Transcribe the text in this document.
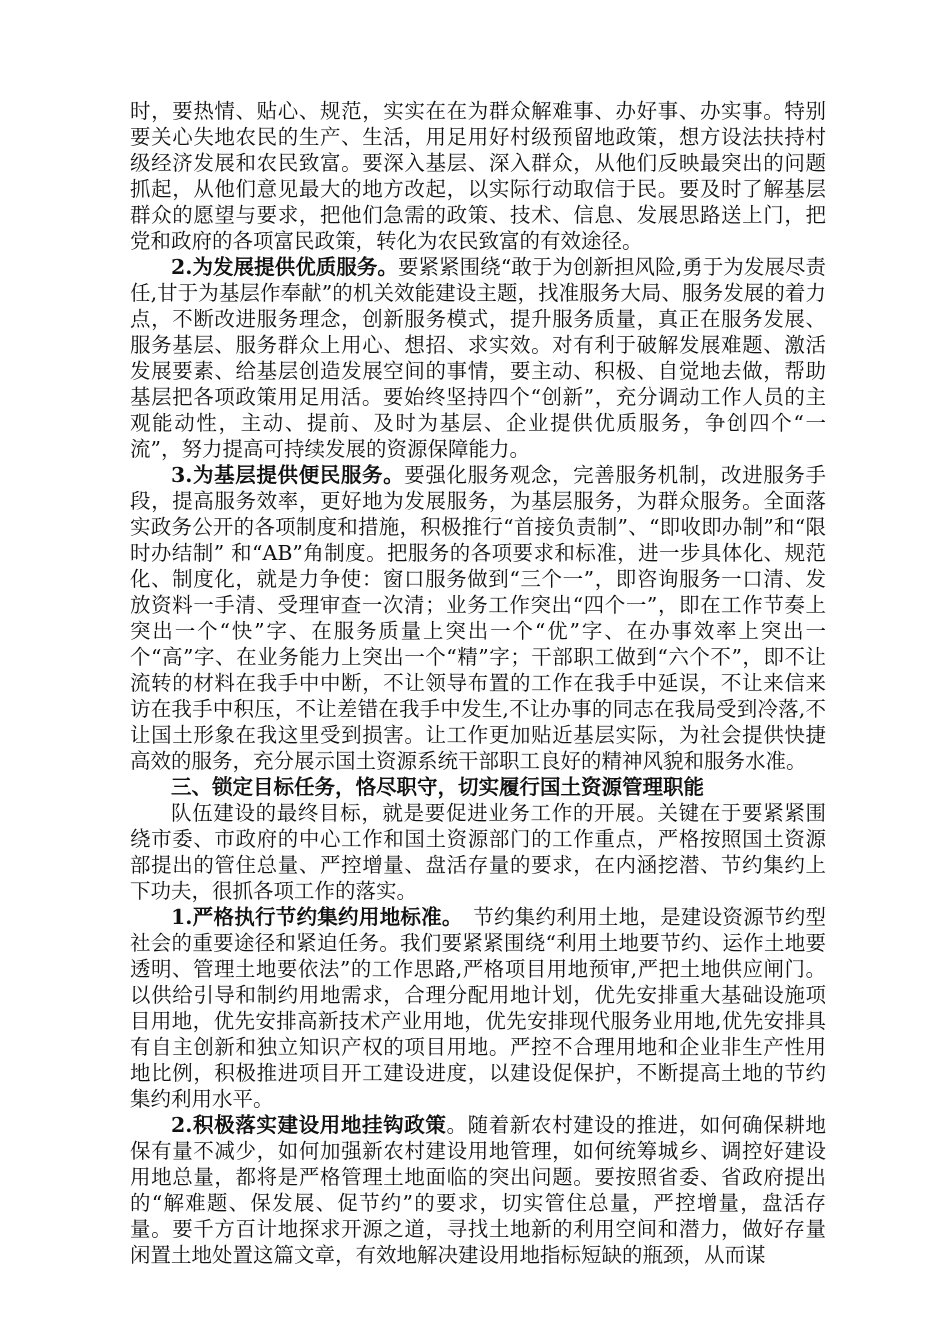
时，要热情、贴心、规范，实实在在为群众解难事、办好事、办实事。特别要关心失地农民的生产、生活，用足用好村级预留地政策，想方设法扶持村级经济发展和农民致富。要深入基层、深入群众，从他们反映最突出的问题抓起，从他们意见最大的地方改起，以实际行动取信于民。要及时了解基层群众的愿望与要求，把他们急需的政策、技术、信息、发展思路送上门，把党和政府的各项富民政策，转化为农民致富的有效途径。

2.为发展提供优质服务。要紧紧围绕“敢于为创新担风险,勇于为发展尽责任,甘于为基层作奉献”的机关效能建设主题，找准服务大局、服务发展的着力点，不断改进服务理念，创新服务模式，提升服务质量，真正在服务发展、服务基层、服务群众上用心、想招、求实效。对有利于破解发展难题、激活发展要素、给基层创造发展空间的事情，要主动、积极、自觉地去做，帮助基层把各项政策用足用活。要始终坚持四个“创新”，充分调动工作人员的主观能动性，主动、提前、及时为基层、企业提供优质服务，争创四个“一流”，努力提高可持续发展的资源保障能力。

3.为基层提供便民服务。要强化服务观念，完善服务机制，改进服务手段，提高服务效率，更好地为发展服务，为基层服务，为群众服务。全面落实政务公开的各项制度和措施，积极推行“首接负责制”、“即收即办制”和“限时办结制” 和“AB”角制度。把服务的各项要求和标准，进一步具体化、规范化、制度化，就是力争使：窗口服务做到“三个一”，即咨询服务一口清、发放资料一手清、受理审查一次清；业务工作突出“四个一”，即在工作节奏上突出一个“快”字、在服务质量上突出一个“优”字、在办事效率上突出一个“高”字、在业务能力上突出一个“精”字；干部职工做到“六个不”，即不让流转的材料在我手中中断，不让领导布置的工作在我手中延误，不让来信来访在我手中积压，不让差错在我手中发生,不让办事的同志在我局受到冷落,不让国土形象在我这里受到损害。让工作更加贴近基层实际，为社会提供快捷高效的服务，充分展示国土资源系统干部职工良好的精神风貌和服务水准。

三、锁定目标任务，恪尽职守，切实履行国土资源管理职能

队伍建设的最终目标，就是要促进业务工作的开展。关键在于要紧紧围绕市委、市政府的中心工作和国土资源部门的工作重点，严格按照国土资源部提出的管住总量、严控增量、盘活存量的要求，在内涵挖潜、节约集约上下功夫，很抓各项工作的落实。

1.严格执行节约集约用地标准。　节约集约利用土地，是建设资源节约型社会的重要途径和紧迫任务。我们要紧紧围绕“利用土地要节约、运作土地要透明、管理土地要依法”的工作思路,严格项目用地预审,严把土地供应闸门。以供给引导和制约用地需求，合理分配用地计划，优先安排重大基础设施项目用地，优先安排高新技术产业用地，优先安排现代服务业用地,优先安排具有自主创新和独立知识产权的项目用地。严控不合理用地和企业非生产性用地比例，积极推进项目开工建设进度，以建设促保护，不断提高土地的节约集约利用水平。

2.积极落实建设用地挂钩政策。随着新农村建设的推进，如何确保耕地保有量不减少，如何加强新农村建设用地管理，如何统筹城乡、调控好建设用地总量，都将是严格管理土地面临的突出问题。要按照省委、省政府提出的“解难题、保发展、促节约”的要求，切实管住总量，严控增量，盘活存量。要千方百计地探求开源之道，寻找土地新的利用空间和潜力，做好存量闲置土地处置这篇文章，有效地解决建设用地指标短缺的瓶颈，从而谋
